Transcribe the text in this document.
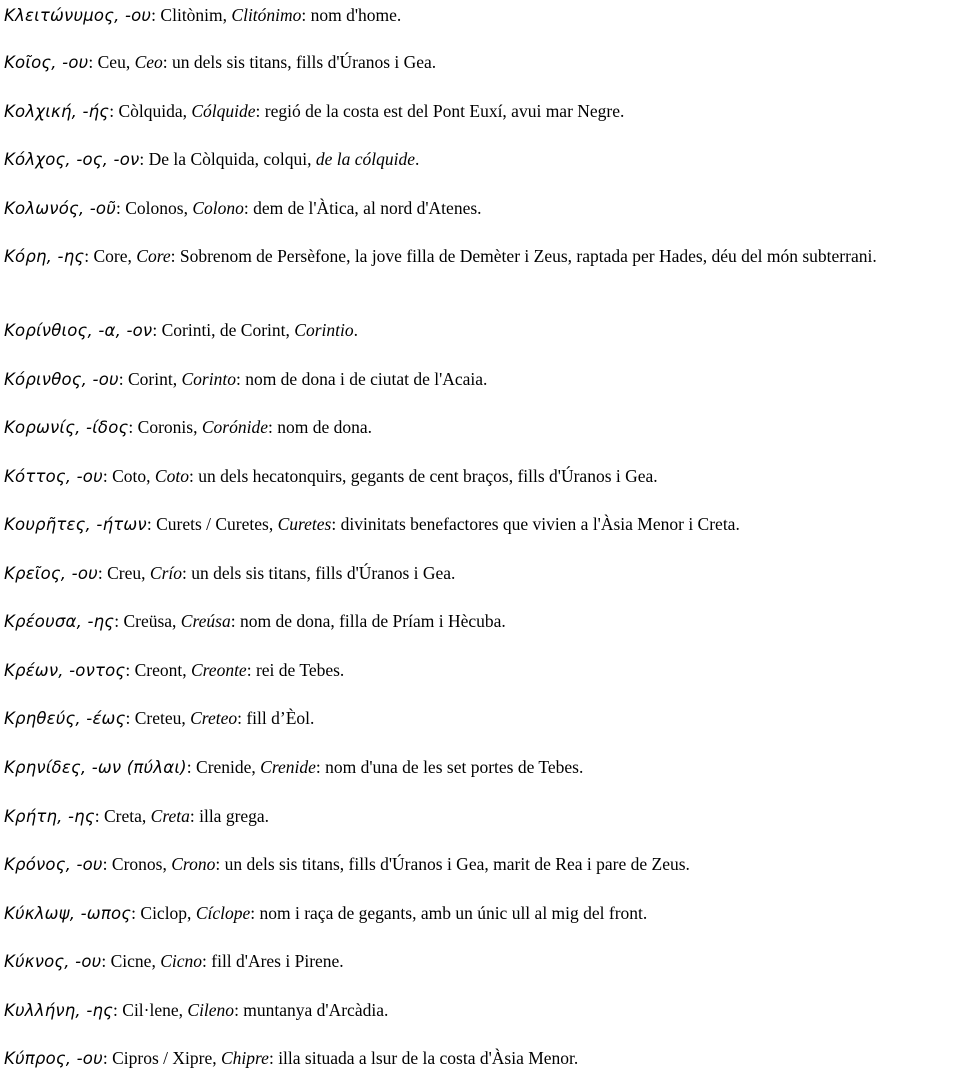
Κλειτώνυμος, -ου: Clitònim, Clitónimo: nom d'home.
Κοῖος, -ου: Ceu, Ceo: un dels sis titans, fills d'Úranos i Gea.
Κολχική, -ής: Còlquida, Cólquide: regió de la costa est del Pont Euxí, avui mar Negre.
Κόλχος, -ος, -ον: De la Còlquida, colqui, de la cólquide.
Κολωνός, -οῦ: Colonos, Colono: dem de l'Àtica, al nord d'Atenes.
Κόρη, -ης: Core, Core: Sobrenom de Persèfone, la jove filla de Demèter i Zeus, raptada per Hades, déu del món subterrani.
Κορίνθιος, -α, -ον: Corinti, de Corint, Corintio.
Κόρινθος, -ου: Corint, Corinto: nom de dona i de ciutat de l'Acaia.
Κορωνίς, -ίδος: Coronis, Corónide: nom de dona.
Κόττος, -ου: Coto, Coto: un dels hecatonquirs, gegants de cent braços, fills d'Úranos i Gea.
Κουρῆτες, -ήτων: Curets / Curetes, Curetes: divinitats benefactores que vivien a l'Àsia Menor i Creta.
Κρεῖος, -ου: Creu, Crío: un dels sis titans, fills d'Úranos i Gea.
Κρέουσα, -ης: Creüsa, Creúsa: nom de dona, filla de Príam i Hècuba.
Κρέων, -οντος: Creont, Creonte: rei de Tebes.
Κρηθεύς, -έως: Creteu, Creteo: fill d’Èol.
Κρηνίδες, -ων (πύλαι): Crenide, Crenide: nom d'una de les set portes de Tebes.
Κρήτη, -ης: Creta, Creta: illa grega.
Κρόνος, -ου: Cronos, Crono: un dels sis titans, fills d'Úranos i Gea, marit de Rea i pare de Zeus.
Κύκλωψ, -ωπος: Ciclop, Cíclope: nom i raça de gegants, amb un únic ull al mig del front.
Κύκνος, -ου: Cicne, Cicno: fill d'Ares i Pirene.
Κυλλήνη, -ης: Cil·lene, Cileno: muntanya d'Arcàdia.
Κύπρος, -ου: Cipros / Xipre, Chipre: illa situada a lsur de la costa d'Àsia Menor.
